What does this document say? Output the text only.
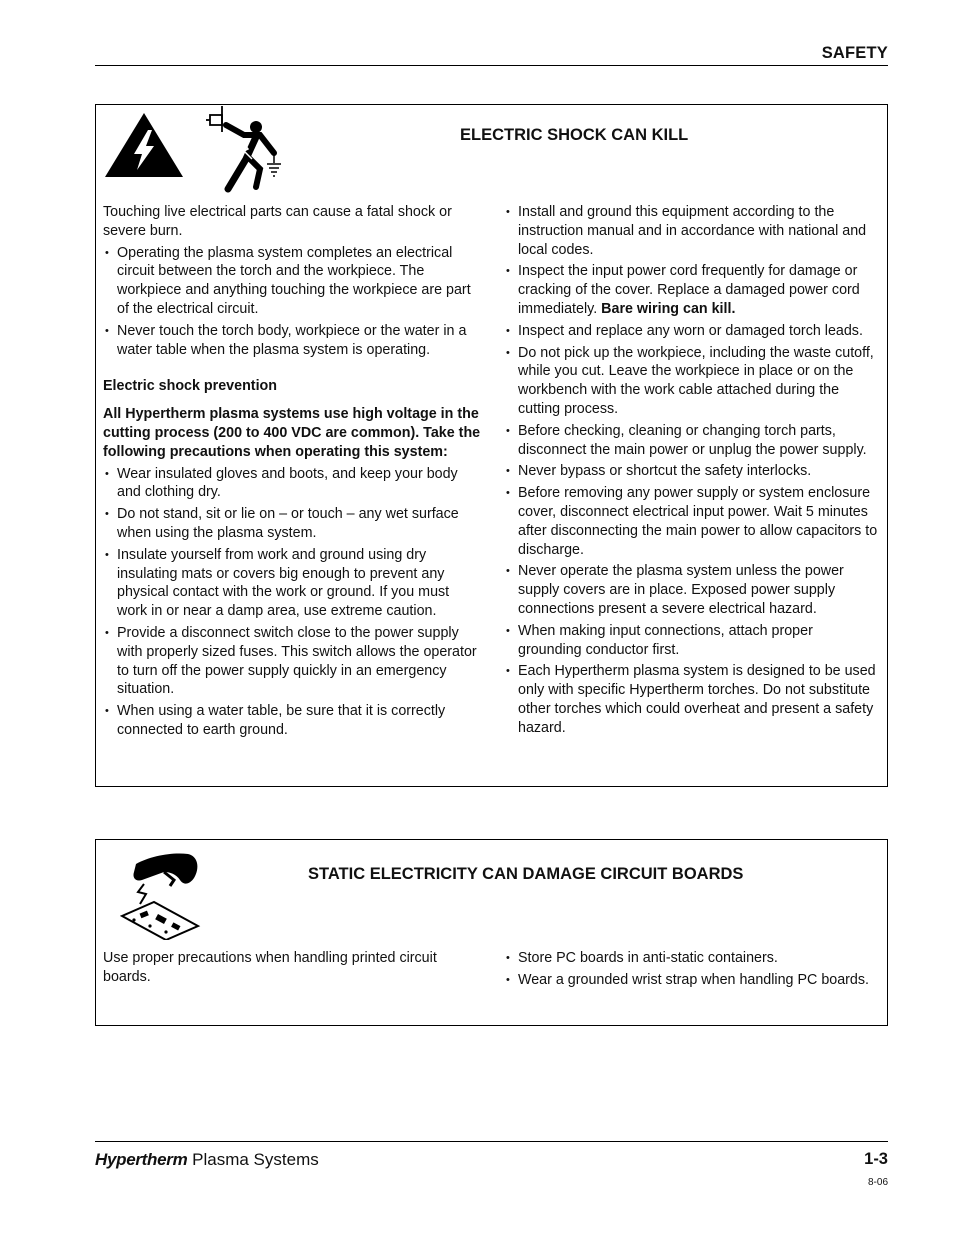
SAFETY
ELECTRIC SHOCK CAN KILL

Touching live electrical parts can cause a fatal shock or severe burn.

• Operating the plasma system completes an electrical circuit between the torch and the workpiece. The workpiece and anything touching the workpiece are part of the electrical circuit.
• Never touch the torch body, workpiece or the water in a water table when the plasma system is operating.

Electric shock prevention

All Hypertherm plasma systems use high voltage in the cutting process (200 to 400 VDC are common). Take the following precautions when operating this system:

• Wear insulated gloves and boots, and keep your body and clothing dry.
• Do not stand, sit or lie on – or touch – any wet surface when using the plasma system.
• Insulate yourself from work and ground using dry insulating mats or covers big enough to prevent any physical contact with the work or ground. If you must work in or near a damp area, use extreme caution.
• Provide a disconnect switch close to the power supply with properly sized fuses. This switch allows the operator to turn off the power supply quickly in an emergency situation.
• When using a water table, be sure that it is correctly connected to earth ground.
• Install and ground this equipment according to the instruction manual and in accordance with national and local codes.
• Inspect the input power cord frequently for damage or cracking of the cover. Replace a damaged power cord immediately. Bare wiring can kill.
• Inspect and replace any worn or damaged torch leads.
• Do not pick up the workpiece, including the waste cutoff, while you cut. Leave the workpiece in place or on the workbench with the work cable attached during the cutting process.
• Before checking, cleaning or changing torch parts, disconnect the main power or unplug the power supply.
• Never bypass or shortcut the safety interlocks.
• Before removing any power supply or system enclosure cover, disconnect electrical input power. Wait 5 minutes after disconnecting the main power to allow capacitors to discharge.
• Never operate the plasma system unless the power supply covers are in place. Exposed power supply connections present a severe electrical hazard.
• When making input connections, attach proper grounding conductor first.
• Each Hypertherm plasma system is designed to be used only with specific Hypertherm torches. Do not substitute other torches which could overheat and present a safety hazard.
STATIC ELECTRICITY CAN DAMAGE CIRCUIT BOARDS

Use proper precautions when handling printed circuit boards.

• Store PC boards in anti-static containers.
• Wear a grounded wrist strap when handling PC boards.
Hypertherm Plasma Systems	1-3
8-06
